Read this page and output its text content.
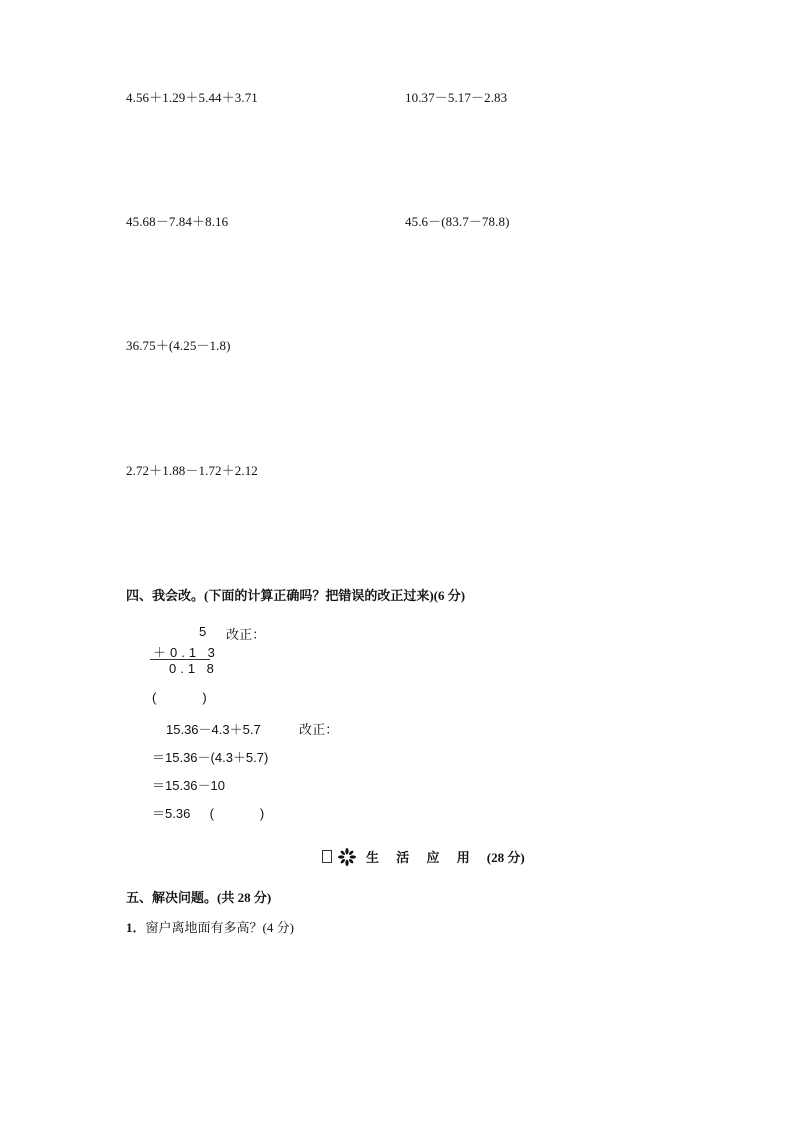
4.56＋1.29＋5.44＋3.71	10.37－5.17－2.83
45.68－7.84＋8.16	45.6－(83.7－78.8)
36.75＋(4.25－1.8)
2.72＋1.88－1.72＋2.12
四、我会改。(下面的计算正确吗？把错误的改正过来)(6 分)
5 改正：
＋0.1 3
0.1 8
(	)
15.36－4.3＋5.7	改正：
＝15.36－(4.3＋5.7)
＝15.36－10
＝5.36 (	)
生 活 应 用 (28 分)
五、解决问题。(共 28 分)
1．窗户离地面有多高？(4 分)
